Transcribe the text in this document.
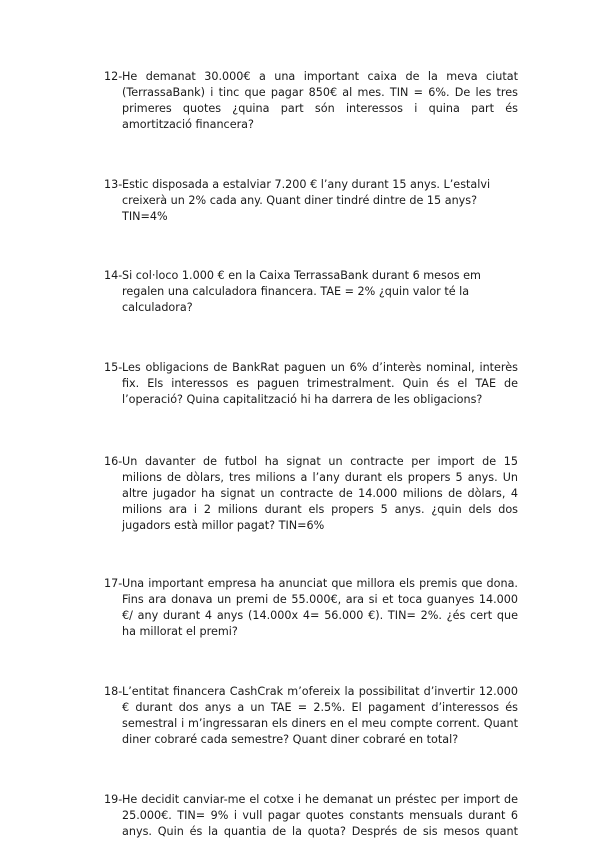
12- He demanat 30.000€ a una important caixa de la meva ciutat
(TerrassaBank) i tinc que pagar 850€ al mes. TIN = 6%. De les tres
primeres quotes ¿quina part són interessos i quina part és
amortització financera?
13- Estic disposada a estalviar 7.200 € l’any durant 15 anys. L’estalvi
creixerà un 2% cada any. Quant diner tindré dintre de 15 anys?
TIN=4%
14- Si col·loco 1.000 € en la Caixa TerrassaBank durant 6 mesos em
regalen una calculadora financera. TAE = 2% ¿quin valor té la
calculadora?
15- Les obligacions de BankRat paguen un 6% d’interès nominal, interès
fix. Els interessos es paguen trimestralment. Quin és el TAE de
l’operació? Quina capitalització hi ha darrera de les obligacions?
16- Un davanter de futbol ha signat un contracte per import de 15
milions de dòlars, tres milions a l’any durant els propers 5 anys. Un
altre jugador ha signat un contracte de 14.000 milions de dòlars, 4
milions ara i 2 milions durant els propers 5 anys. ¿quin dels dos
jugadors està millor pagat? TIN=6%
17- Una important empresa ha anunciat que millora els premis que dona.
Fins ara donava un premi de 55.000€, ara si et toca guanyes 14.000
€/ any durant 4 anys (14.000x 4= 56.000 €). TIN= 2%. ¿és cert que
ha millorat el premi?
18- L’entitat financera CashCrak m’ofereix la possibilitat d’invertir 12.000
€ durant dos anys a un TAE = 2.5%. El pagament d’interessos és
semestral i m’ingressaran els diners en el meu compte corrent. Quant
diner cobraré cada semestre? Quant diner cobraré en total?
19- He decidit canviar-me el cotxe i he demanat un préstec per import de
25.000€. TIN= 9% i vull pagar quotes constants mensuals durant 6
anys. Quin és la quantia de la quota? Després de sis mesos quant
